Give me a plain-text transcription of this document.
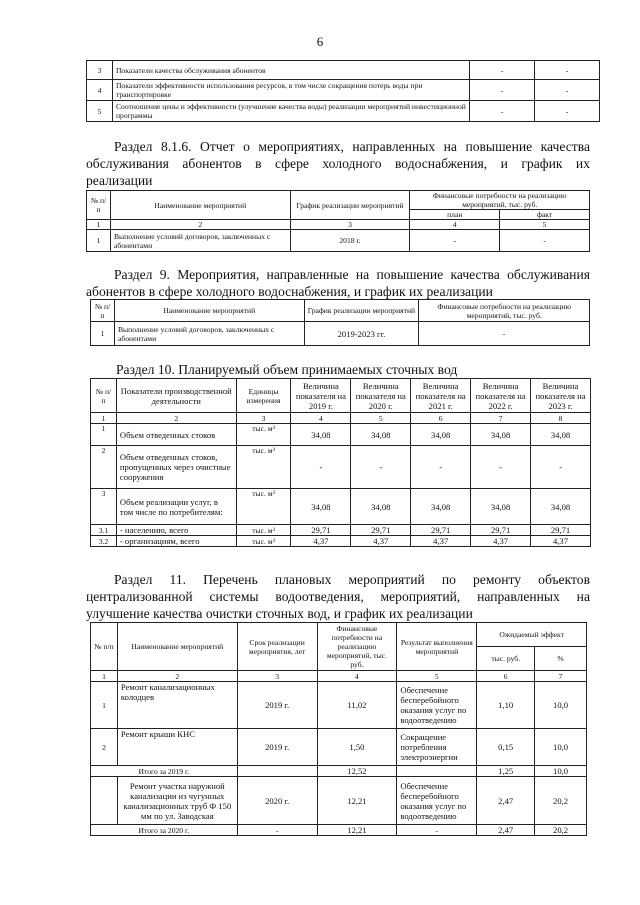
6
3	Показатели качества обслуживания абонентов	-	-
4	Показатели эффективности использования ресурсов, в том числе сокращения потерь воды при транспортировке	-	-
5	Соотношение цены и эффективности (улучшение качества воды) реализации мероприятий инвестиционной программы	-	-
Раздел 8.1.6. Отчет о мероприятиях, направленных на повышение качества
обслуживания абонентов в сфере холодного водоснабжения, и график их
реализации
№ п/п	Наименование мероприятий	График реализации мероприятий	Финансовые потребности на реализацию мероприятий, тыс. руб.	
			план	факт
1	2	3	4	5
1	Выполнение условий договоров, заключенных с абонентами	2018 г.	-	-
Раздел 9. Мероприятия, направленные на повышение качества обслуживания
абонентов в сфере холодного водоснабжения, и график их реализации
№ п/п	Наименование мероприятий	График реализации мероприятий	Финансовые потребности на реализацию мероприятий, тыс. руб.
1	Выполнение условий договоров, заключенных с абонентами	2019-2023 гг.	-
Раздел 10. Планируемый объем принимаемых сточных вод
№ п/п	Показатели производственной деятельности	Единицы измерения	Величина показателя на 2019 г.	Величина показателя на 2020 г.	Величина показателя на 2021 г.	Величина показателя на 2022 г.	Величина показателя на 2023 г.
1	2	3	4	5	6	7	8
1	Объем отведенных стоков	тыс. м³	34,08	34,08	34,08	34,08	34,08
2	Объем отведенных стоков, пропущенных через очистные сооружения	тыс. м³	-	-	-	-	-
3	Объем реализации услуг, в том числе по потребителям:	тыс. м³	34,08	34,08	34,08	34,08	34,08
3.1	- населению, всего	тыс. м³	29,71	29,71	29,71	29,71	29,71
3.2	- организациям, всего	тыс. м³	4,37	4,37	4,37	4,37	4,37
Раздел 11. Перечень плановых мероприятий по ремонту объектов
централизованной системы водоотведения, мероприятий, направленных на
улучшение качества очистки сточных вод, и график их реализации
№ п/п	Наименование мероприятий	Срок реализации мероприятия, лет	Финансовые потребности на реализацию мероприятий, тыс. руб.	Результат выполнения мероприятий	Ожидаемый эффект	
					тыс. руб.	%
1	2	3	4	5	6	7
1	Ремонт канализационных колодцев	2019 г.	11,02	Обеспечение бесперебойного оказания услуг по водоотведению	1,10	10,0
2	Ремонт крыши КНС	2019 г.	1,50	Сокращение потребления электроэнергии	0,15	10,0
Итого за 2019 г.			12,52		1,25	10,0
	Ремонт участка наружной канализации из чугунных канализационных труб Ф 150 мм по ул. Заводская	2020 г.	12,21	Обеспечение бесперебойного оказания услуг по водоотведению	2,47	20,2
Итого за 2020 г.		-	12,21	-	2,47	20,2
